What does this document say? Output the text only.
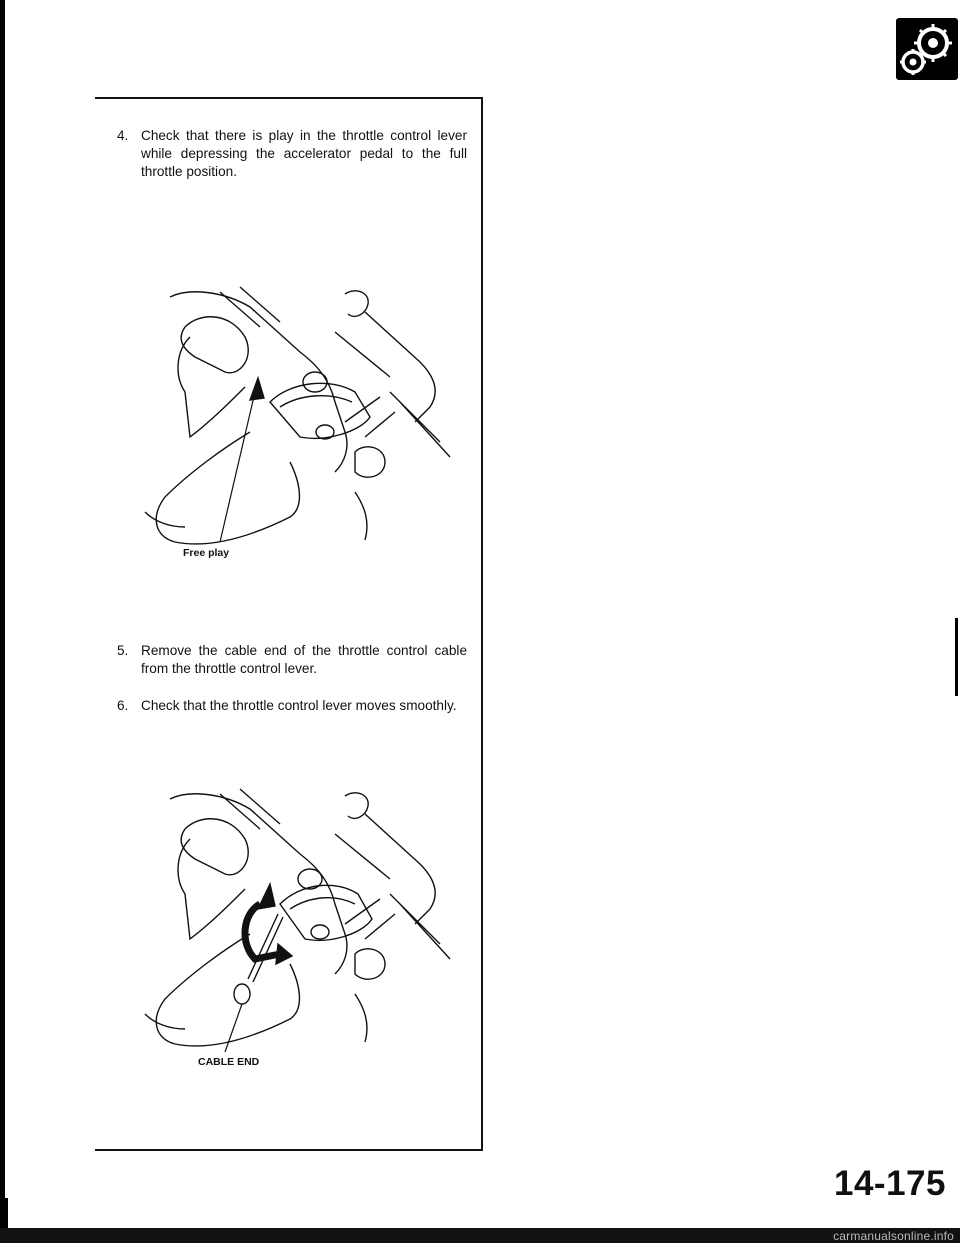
4. Check that there is play in the throttle control lever while depressing the accelerator pedal to the full throttle position.
Free play
5. Remove the cable end of the throttle control cable from the throttle control lever.
6. Check that the throttle control lever moves smoothly.
CABLE END
14-175
carmanualsonline.info
